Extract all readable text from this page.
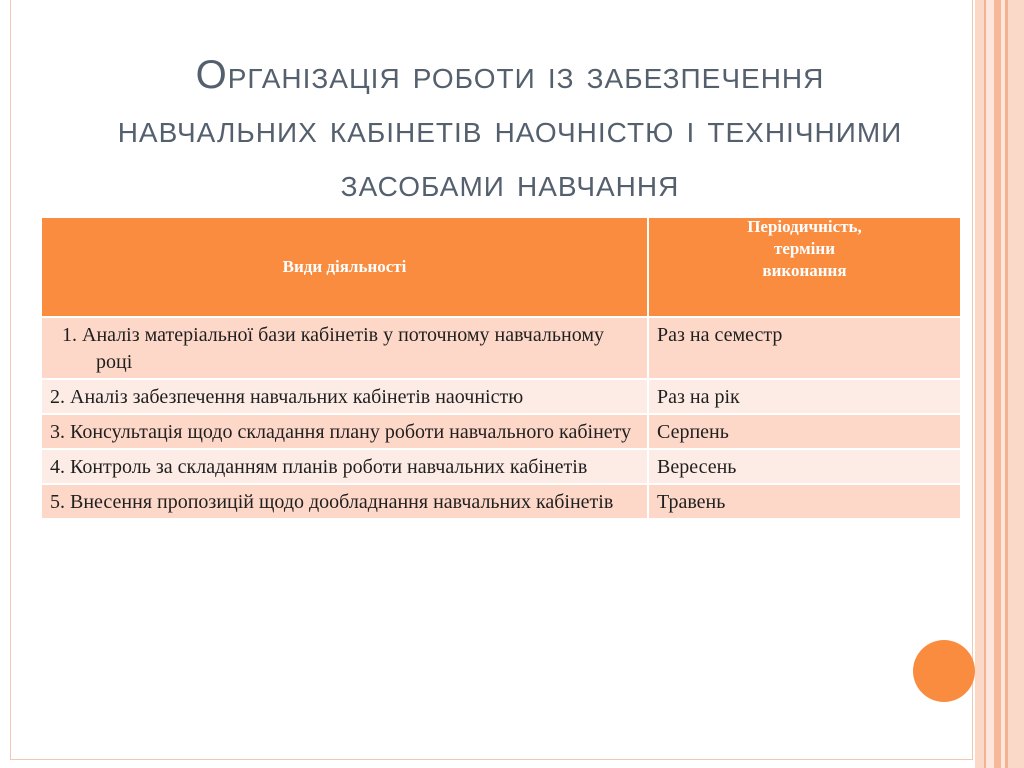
Організація роботи із забезпечення
навчальних кабінетів наочністю і технічними
засобами навчання
Види діяльності	Періодичність,
терміни
виконання

1. Аналіз матеріальної бази кабінетів у поточному навчальному році	Раз на семестр

2. Аналіз забезпечення навчальних кабінетів наочністю	Раз на рік

3. Консультація щодо складання плану роботи навчального кабінету	Серпень

4. Контроль за складанням планів роботи навчальних кабінетів	Вересень

5. Внесення пропозицій щодо дообладнання навчальних кабінетів	Травень
